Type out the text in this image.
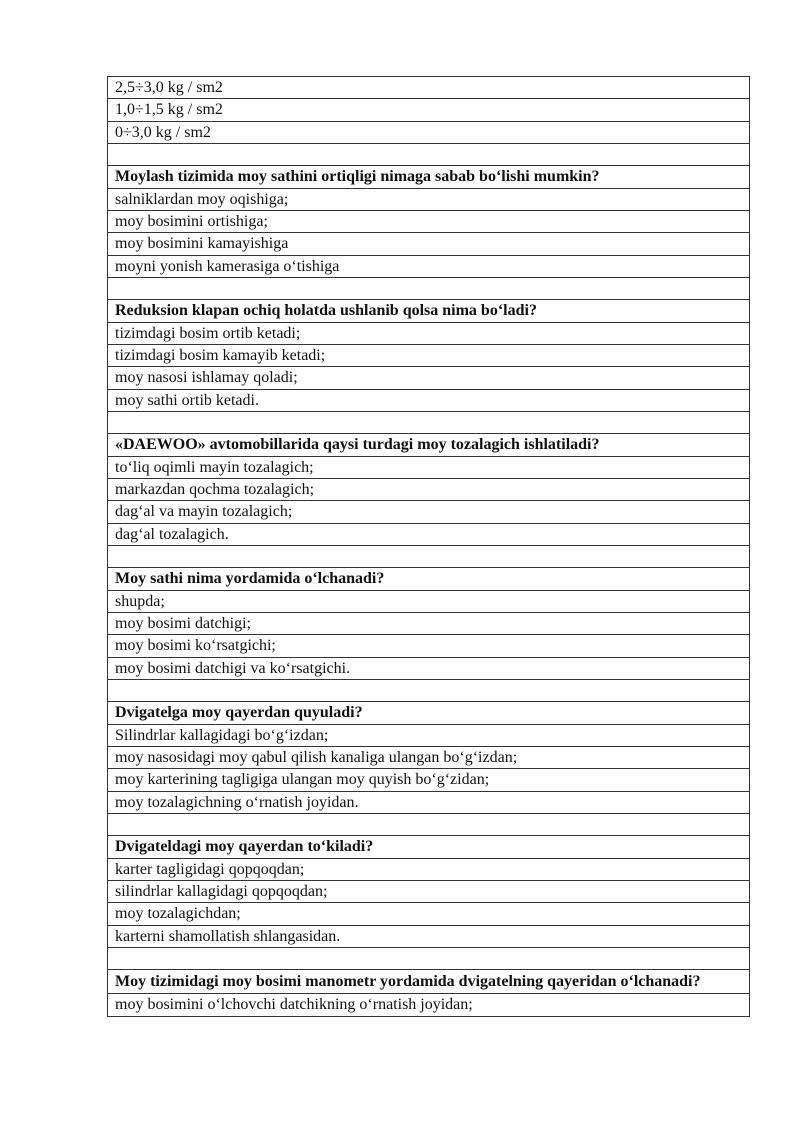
2,5÷3,0 kg / sm2
1,0÷1,5 kg / sm2
0÷3,0 kg / sm2

Moylash tizimida moy sathini ortiqligi nimaga sabab bo‘lishi mumkin?
salniklardan moy oqishiga;
moy bosimini ortishiga;
moy bosimini kamayishiga
moyni yonish kamerasiga o‘tishiga

Reduksion klapan ochiq holatda ushlanib qolsa nima bo‘ladi?
tizimdagi bosim ortib ketadi;
tizimdagi bosim kamayib ketadi;
moy nasosi ishlamay qoladi;
moy sathi ortib ketadi.

«DAEWOO» avtomobillarida qaysi turdagi moy tozalagich ishlatiladi?
to‘liq oqimli mayin tozalagich;
markazdan qochma tozalagich;
dag‘al va mayin tozalagich;
dag‘al tozalagich.

Moy sathi nima yordamida o‘lchanadi?
shupda;
moy bosimi datchigi;
moy bosimi ko‘rsatgichi;
moy bosimi datchigi va ko‘rsatgichi.

Dvigatelga moy qayerdan quyuladi?
Silindrlar kallagidagi bo‘g‘izdan;
moy nasosidagi moy qabul qilish kanaliga ulangan bo‘g‘izdan;
moy karterining tagligiga ulangan moy quyish bo‘g‘zidan;
moy tozalagichning o‘rnatish joyidan.

Dvigateldagi moy qayerdan to‘kiladi?
karter tagligidagi qopqoqdan;
silindrlar kallagidagi qopqoqdan;
moy tozalagichdan;
karterni shamollatish shlangasidan.

Moy tizimidagi moy bosimi manometr yordamida dvigatelning qayeridan o‘lchanadi?
moy bosimini o‘lchovchi datchikning o‘rnatish joyidan;
